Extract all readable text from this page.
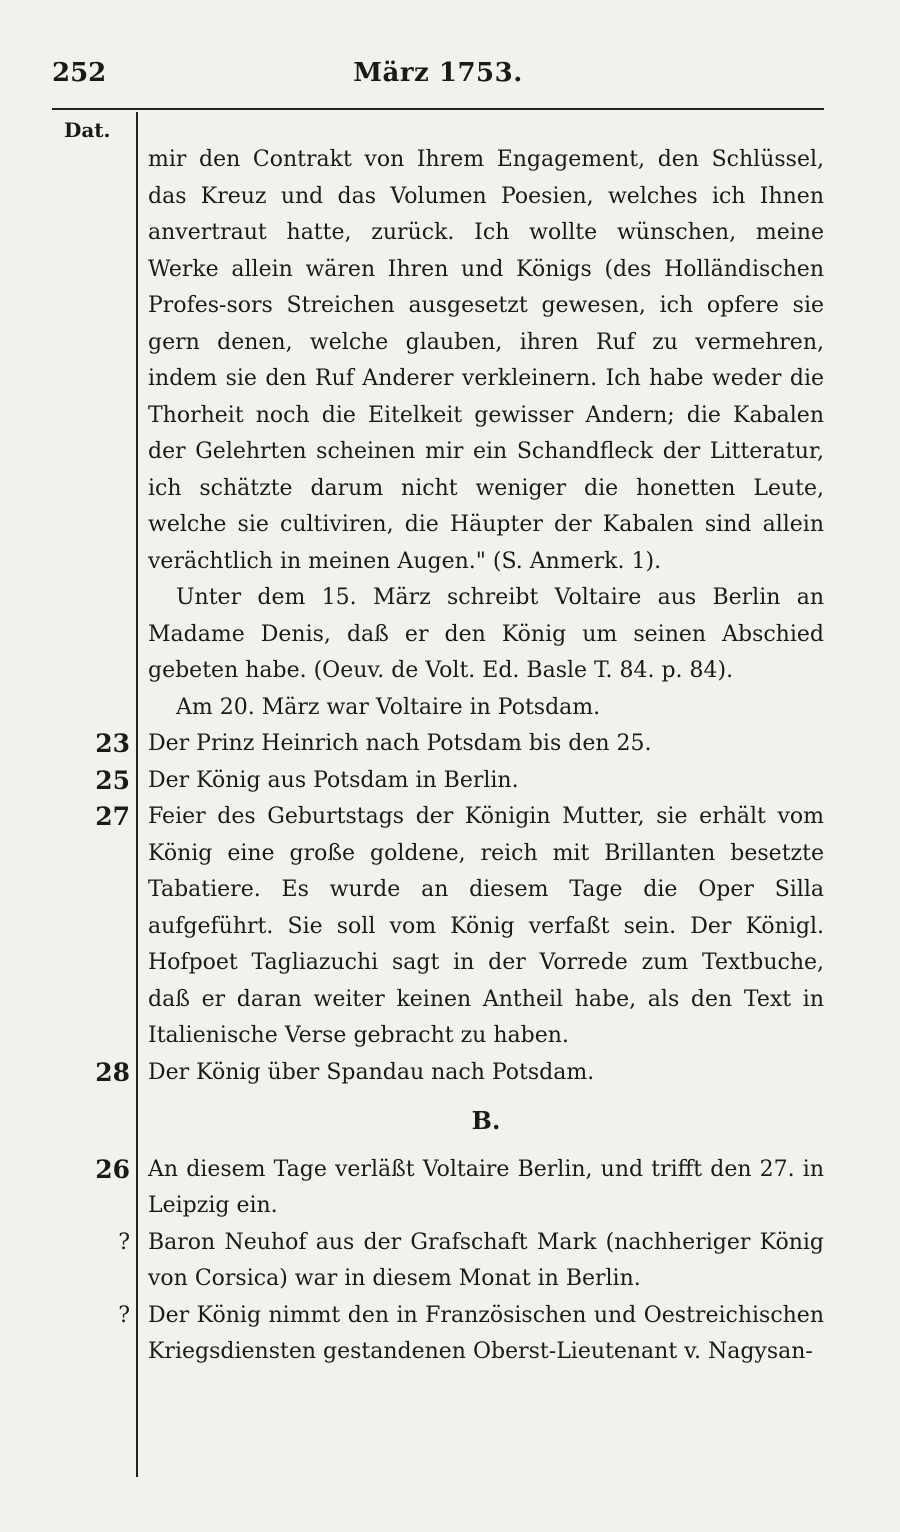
252	März 1753.
Dat.
mir den Contrakt von Ihrem Engagement, den Schlüssel, das Kreuz und das Volumen Poesien, welches ich Ihnen anvertraut hatte, zurück. Ich wollte wünschen, meine Werke allein wären Ihren und Königs (des Holländischen Profes-sors Streichen ausgesetzt gewesen, ich opfere sie gern denen, welche glauben, ihren Ruf zu vermehren, indem sie den Ruf Anderer verkleinern. Ich habe weder die Thorheit noch die Eitelkeit gewisser Andern; die Kabalen der Gelehrten scheinen mir ein Schandfleck der Litteratur, ich schätzte darum nicht weniger die honetten Leute, welche sie cultiviren, die Häupter der Kabalen sind allein verächtlich in meinen Augen." (S. Anmerk. 1).
Unter dem 15. März schreibt Voltaire aus Berlin an Madame Denis, daß er den König um seinen Abschied gebeten habe. (Oeuv. de Volt. Ed. Basle T. 84. p. 84).
Am 20. März war Voltaire in Potsdam.
23 Der Prinz Heinrich nach Potsdam bis den 25.
25 Der König aus Potsdam in Berlin.
27 Feier des Geburtstags der Königin Mutter, sie erhält vom König eine große goldene, reich mit Brillanten besetzte Tabatiere. Es wurde an diesem Tage die Oper Silla aufgeführt. Sie soll vom König verfaßt sein. Der Königl. Hofpoet Tagliazuchi sagt in der Vorrede zum Textbuche, daß er daran weiter keinen Antheil habe, als den Text in Italienische Verse gebracht zu haben.
28 Der König über Spandau nach Potsdam.
B.
26 An diesem Tage verläßt Voltaire Berlin, und trifft den 27. in Leipzig ein.
? Baron Neuhof aus der Grafschaft Mark (nachheriger König von Corsica) war in diesem Monat in Berlin.
? Der König nimmt den in Französischen und Oestreichischen Kriegsdiensten gestandenen Oberst-Lieutenant v. Nagysan-
